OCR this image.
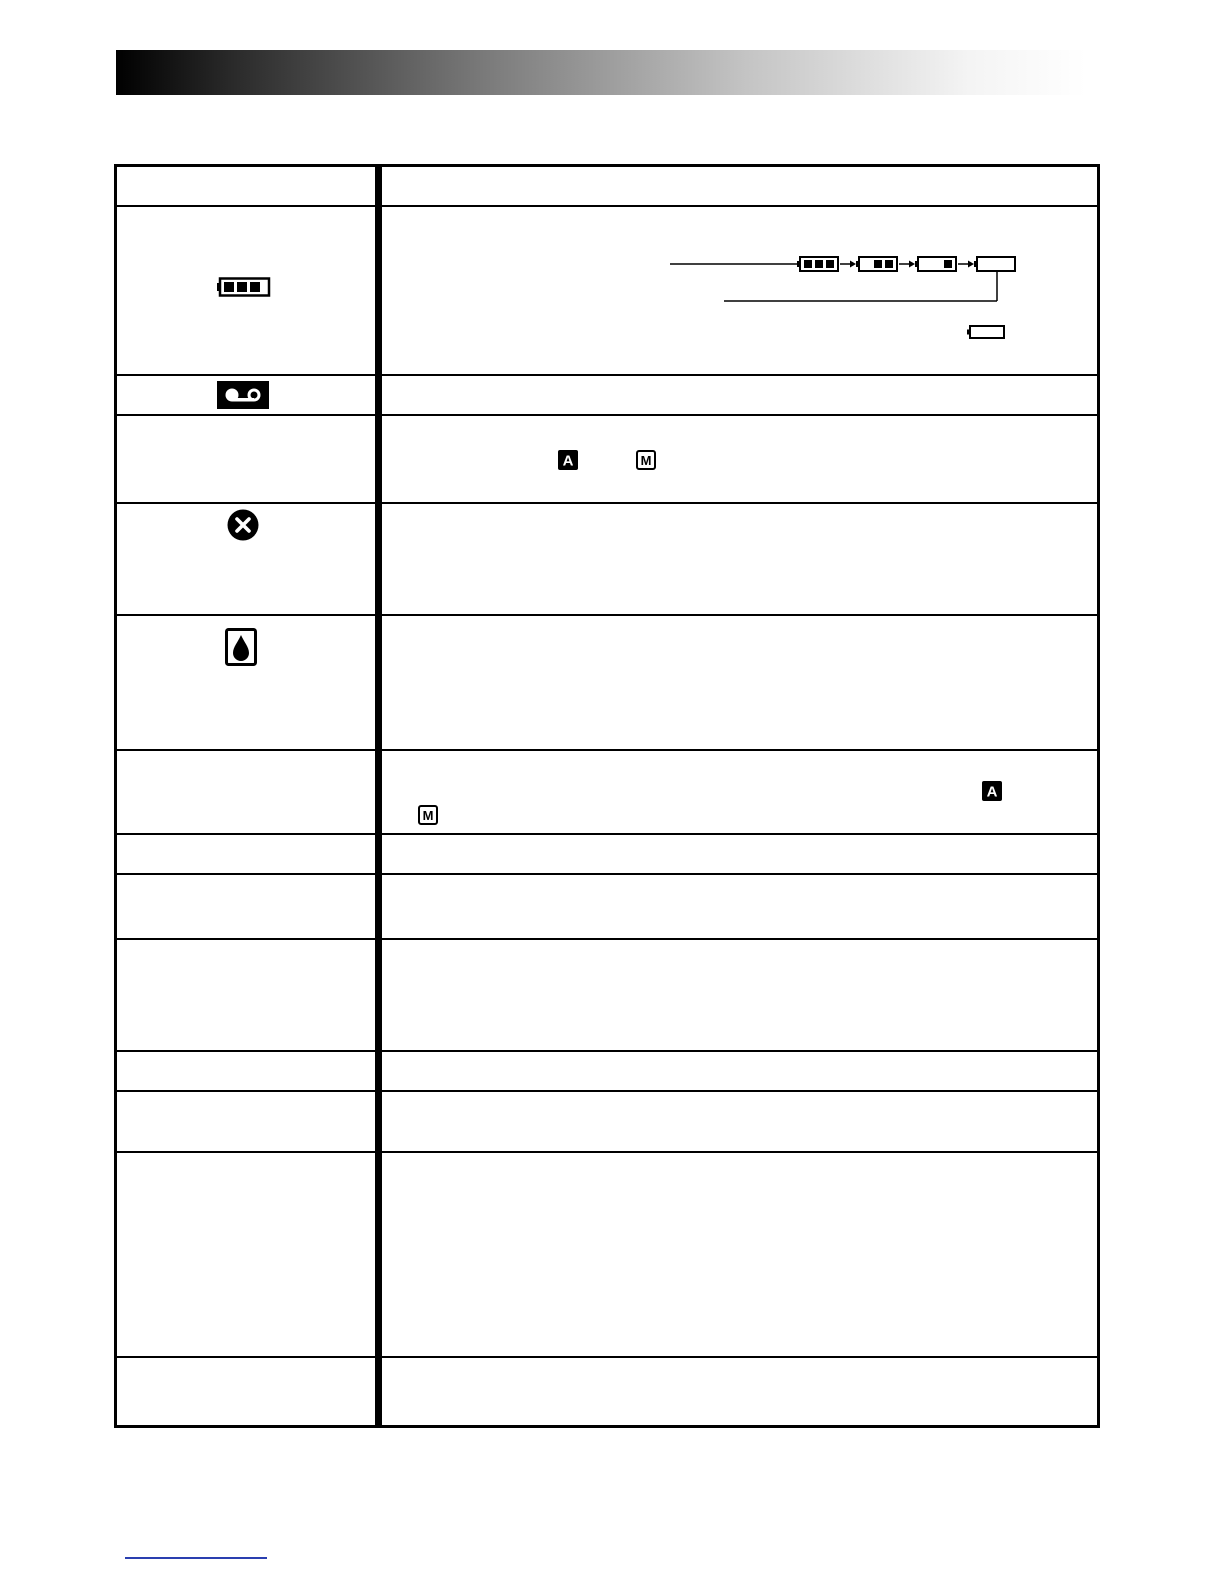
A	M
A
M
